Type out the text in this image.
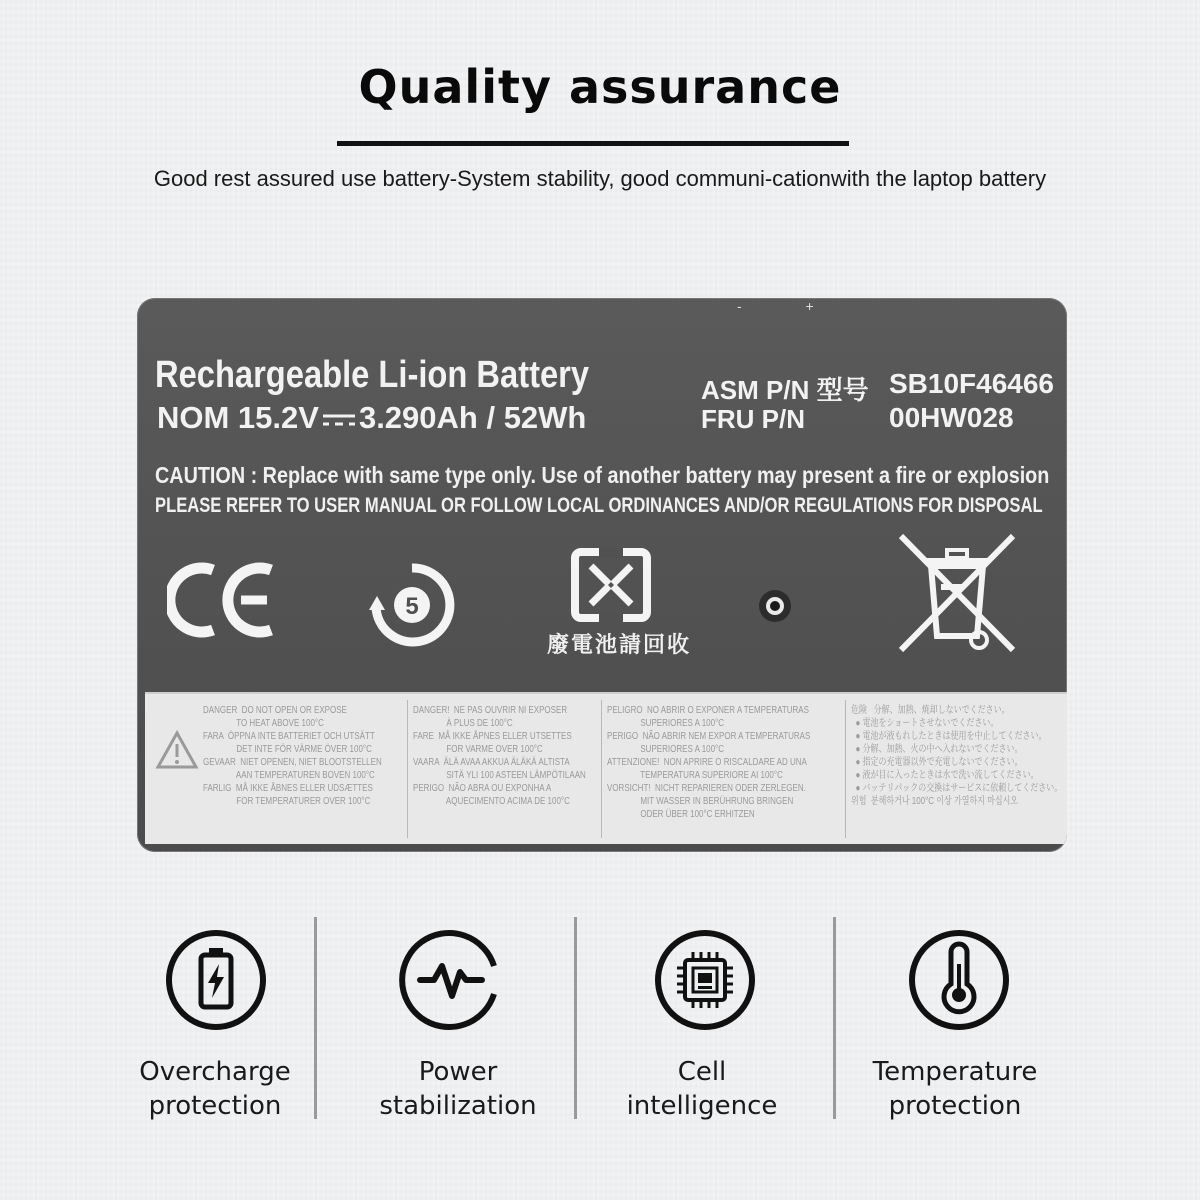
Quality assurance
Good rest assured use battery-System stability, good communi-cationwith the laptop battery
- +
Rechargeable Li-ion Battery
NOM 15.2V 3.290Ah / 52Wh
ASM P/N 型号 SB10F46466
FRU P/N	00HW028
CAUTION : Replace with same type only. Use of another battery may present a fire or explosion
PLEASE REFER TO USER MANUAL OR FOLLOW LOCAL ORDINANCES AND/OR REGULATIONS FOR DISPOSAL
5
廢電池請回收
DANGER  DO NOT OPEN OR EXPOSE
TO HEAT ABOVE 100°C
FARA  ÖPPNA INTE BATTERIET OCH UTSÄTT
DET INTE FÖR VÄRME ÖVER 100°C
GEVAAR  NIET OPENEN, NIET BLOOTSTELLEN
AAN TEMPERATUREN BOVEN 100°C
FARLIG  MÅ IKKE ÅBNES ELLER UDSÆTTES
FOR TEMPERATURER OVER 100°C
DANGER!  NE PAS OUVRIR NI EXPOSER
À PLUS DE 100°C
FARE  MÅ IKKE ÅPNES ELLER UTSETTES
FOR VARME OVER 100°C
VAARA  ÄLÄ AVAA AKKUA ÄLÄKÄ ALTISTA
SITÄ YLI 100 ASTEEN LÄMPÖTILAAN
PERIGO  NÃO ABRA OU EXPONHA A
AQUECIMENTO ACIMA DE 100°C
PELIGRO  NO ABRIR O EXPONER A TEMPERATURAS
SUPERIORES A 100°C
PERIGO  NÃO ABRIR NEM EXPOR A TEMPERATURAS
SUPERIORES A 100°C
ATTENZIONE!  NON APRIRE O RISCALDARE AD UNA
TEMPERATURA SUPERIORE AI 100°C
VORSICHT!  NICHT REPARIEREN ODER ZERLEGEN.
MIT WASSER IN BERÜHRUNG BRINGEN
ODER ÜBER 100°C ERHITZEN
危険   分解、加熱、焼却しないでください。
● 電池をショートさせないでください。
● 電池が液もれしたときは使用を中止してください。
● 分解、加熱、火の中へ入れないでください。
● 指定の充電器以外で充電しないでください。
● 液が目に入ったときは水で洗い流してください。
● バッテリパックの交換はサービスに依頼してください。
위험  분해하거나 100°C 이상 가열하지 마십시오
Overcharge
protection
Power
stabilization
Cell
intelligence
Temperature
protection
